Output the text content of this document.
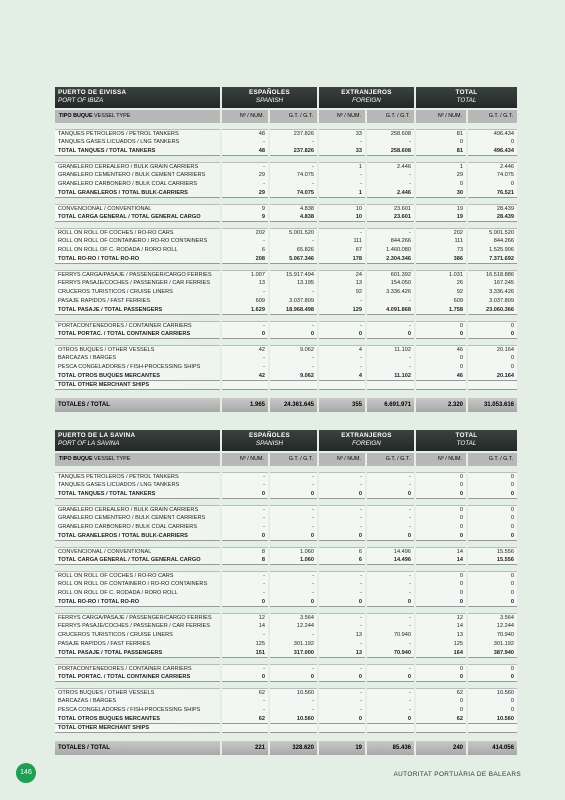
PUERTO DE EIVISSA
PORT OF IBIZA
ESPAÑOLES
SPANISH
EXTRANJEROS
FOREIGN
TOTAL
TOTAL
TIPO BUQUE VESSEL TYPE	Nº / NUM.	G.T. / G.T.	Nº / NUM.	G.T. / G.T.	Nº / NUM.	G.T. / G.T.
TANQUES PETROLEROS / PETROL TANKERS	48	237.826	33	258.608	81	496.434
TANQUES GASES LICUADOS / LNG TANKERS	-	-	-	-	0	0
TOTAL TANQUES / TOTAL TANKERS	48	237.826	33	258.608	81	496.434
GRANELERO CEREALERO / BULK GRAIN CARRIERS	-	-	1	2.446	1	2.446
GRANELERO CEMENTERO / BULK CEMENT CARRIERS	29	74.075	-	-	29	74.075
GRANELERO CARBONERO / BULK COAL CARRIERS	-	-	-	-	0	0
TOTAL GRANELEROS / TOTAL BULK-CARRIERS	29	74.075	1	2.446	30	76.521
CONVENCIONAL / CONVENTIONAL	9	4.838	10	23.601	19	28.439
TOTAL CARGA GENERAL / TOTAL GENERAL CARGO	9	4.838	10	23.601	19	28.439
ROLL ON ROLL OF COCHES / RO-RO CARS	202	5.001.520	-	-	202	5.001.520
ROLL ON ROLL OF CONTAINERO / RO-RO CONTAINERS	-	-	111	844.266	111	844.266
ROLL ON ROLL OF C. RODADA / RORO ROLL	6	65.826	67	1.460.080	73	1.525.906
TOTAL RO-RO / TOTAL RO-RO	208	5.067.346	178	2.304.346	386	7.371.692
FERRYS CARGA/PASAJE / PASSENGER/CARGO FERRIES	1.007	15.917.494	24	601.392	1.031	16.518.886
FERRYS PASAJE/COCHES / PASSENGER / CAR FERRIES	13	13.195	13	154.050	26	167.245
CRUCEROS TURISTICOS / CRUISE LINERS	-	-	92	3.336.426	92	3.336.426
PASAJE RAPIDOS / FAST FERRIES	609	3.037.809	-	-	609	3.037.809
TOTAL PASAJE / TOTAL PASSENGERS	1.629	18.968.498	129	4.091.868	1.758	23.060.366
PORTACONTENEDORES / CONTAINER CARRIERS	-	-	-	-	0	0
TOTAL PORTAC. / TOTAL CONTAINER CARRIERS	0	0	0	0	0	0
OTROS BUQUES / OTHER VESSELS	42	9.062	4	11.102	46	20.164
BARCAZAS / BARGES	-	-	-	-	0	0
PESCA CONGELADORES / FISH-PROCESSING SHIPS	-	-	-	-	0	0
TOTAL OTROS BUQUES MERCANTES	42	9.062	4	11.102	46	20.164
TOTAL OTHER MERCHANT SHIPS
TOTALES / TOTAL	1.965	24.361.645	355	6.691.971	2.320	31.053.616
PUERTO DE LA SAVINA
PORT OF LA SAVINA
ESPAÑOLES
SPANISH
EXTRANJEROS
FOREIGN
TOTAL
TOTAL
TIPO BUQUE VESSEL TYPE	Nº / NUM.	G.T. / G.T.	Nº / NUM.	G.T. / G.T.	Nº / NUM.	G.T. / G.T.
TANQUES PETROLEROS / PETROL TANKERS	-	-	-	-	0	0
TANQUES GASES LICUADOS / LNG TANKERS	-	-	-	-	0	0
TOTAL TANQUES / TOTAL TANKERS	0	0	0	0	0	0
GRANELERO CEREALERO / BULK GRAIN CARRIERS	-	-	-	-	0	0
GRANELERO CEMENTERO / BULK CEMENT CARRIERS	-	-	-	-	0	0
GRANELERO CARBONERO / BULK COAL CARRIERS	-	-	-	-	0	0
TOTAL GRANELEROS / TOTAL BULK-CARRIERS	0	0	0	0	0	0
CONVENCIONAL / CONVENTIONAL	8	1.060	6	14.496	14	15.556
TOTAL CARGA GENERAL / TOTAL GENERAL CARGO	8	1.060	6	14.496	14	15.556
ROLL ON ROLL OF COCHES / RO-RO CARS	-	-	-	-	0	0
ROLL ON ROLL OF CONTAINERO / RO-RO CONTAINERS	-	-	-	-	0	0
ROLL ON ROLL OF C. RODADA / RORO ROLL	-	-	-	-	0	0
TOTAL RO-RO / TOTAL RO-RO	0	0	0	0	0	0
FERRYS CARGA/PASAJE / PASSENGER/CARGO FERRIES	12	3.564	-	-	12	3.564
FERRYS PASAJE/COCHES / PASSENGER / CAR FERRIES	14	12.244	-	-	14	12.244
CRUCEROS TURISTICOS / CRUISE LINERS	-	-	13	70.940	13	70.940
PASAJE RAPIDOS / FAST FERRIES	125	301.192	-	-	125	301.192
TOTAL PASAJE / TOTAL PASSENGERS	151	317.000	13	70.940	164	387.940
PORTACONTENEDORES / CONTAINER CARRIERS	-	-	-	-	0	0
TOTAL PORTAC. / TOTAL CONTAINER CARRIERS	0	0	0	0	0	0
OTROS BUQUES / OTHER VESSELS	62	10.560	-	-	62	10.560
BARCAZAS / BARGES	-	-	-	-	0	0
PESCA CONGELADORES / FISH-PROCESSING SHIPS	-	-	-	-	0	0
TOTAL OTROS BUQUES MERCANTES	62	10.560	0	0	62	10.560
TOTAL OTHER MERCHANT SHIPS
TOTALES / TOTAL	221	328.620	19	85.436	240	414.056
146	AUTORITAT PORTUÀRIA DE BALEARS
